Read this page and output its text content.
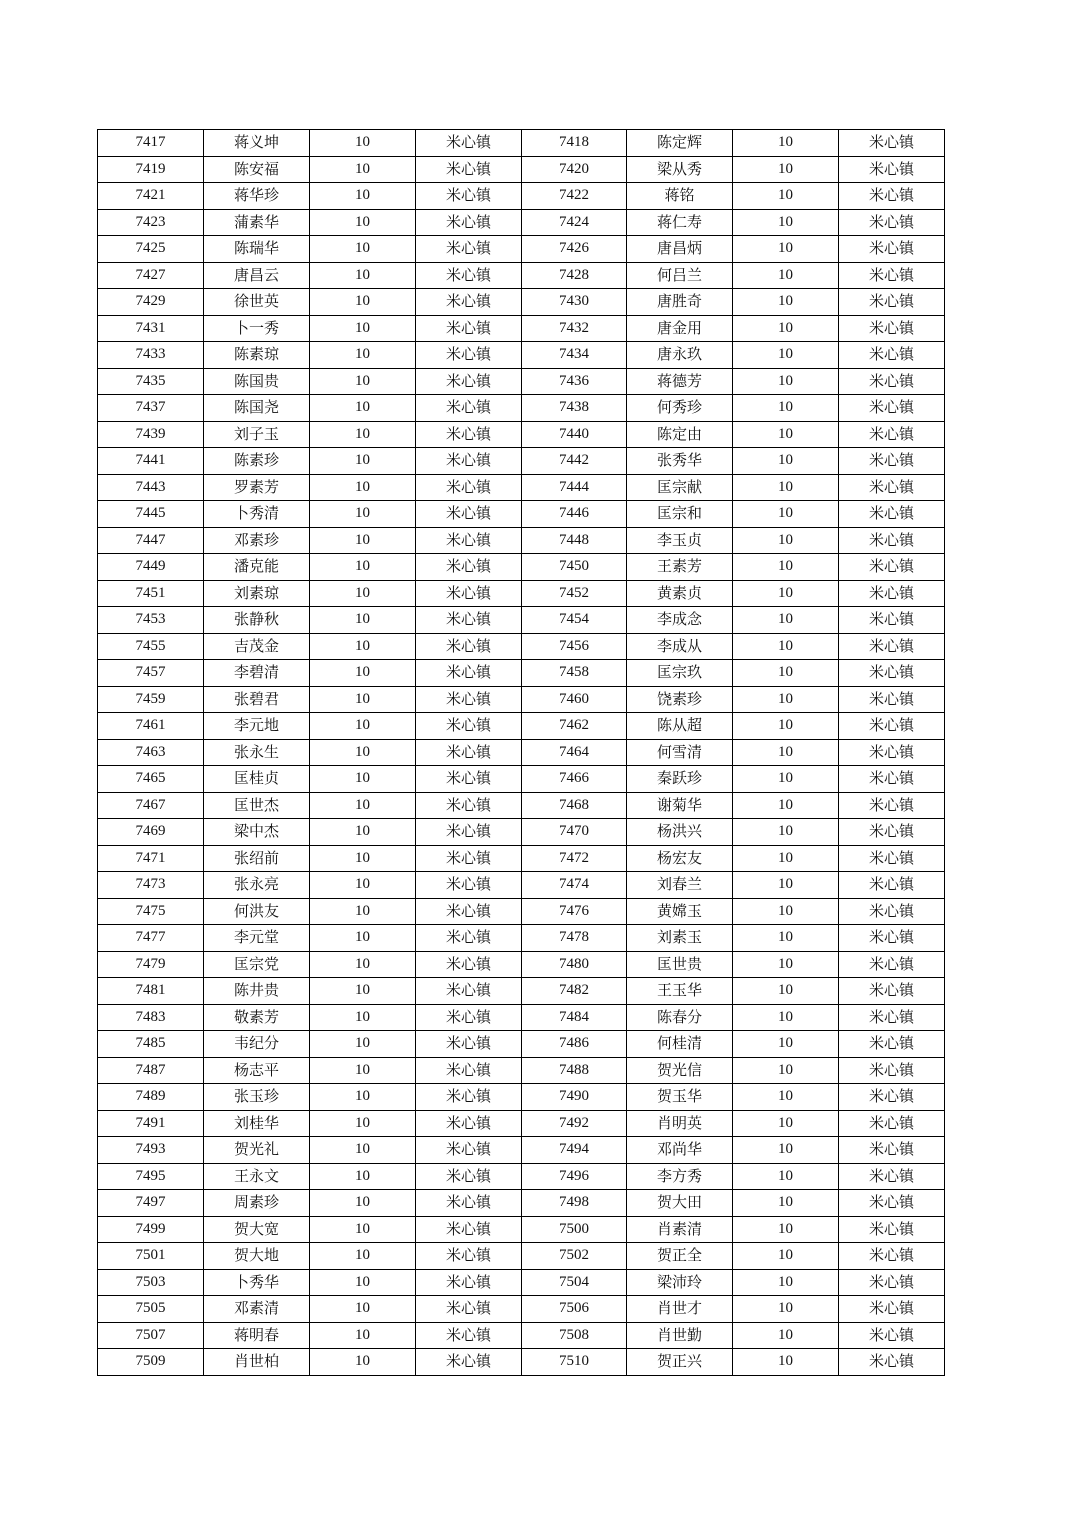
7417	蒋义坤	10	米心镇	7418	陈定辉	10	米心镇
7419	陈安福	10	米心镇	7420	梁从秀	10	米心镇
7421	蒋华珍	10	米心镇	7422	蒋铭	10	米心镇
7423	蒲素华	10	米心镇	7424	蒋仁寿	10	米心镇
7425	陈瑞华	10	米心镇	7426	唐昌炳	10	米心镇
7427	唐昌云	10	米心镇	7428	何吕兰	10	米心镇
7429	徐世英	10	米心镇	7430	唐胜奇	10	米心镇
7431	卜一秀	10	米心镇	7432	唐金用	10	米心镇
7433	陈素琼	10	米心镇	7434	唐永玖	10	米心镇
7435	陈国贵	10	米心镇	7436	蒋德芳	10	米心镇
7437	陈国尧	10	米心镇	7438	何秀珍	10	米心镇
7439	刘子玉	10	米心镇	7440	陈定由	10	米心镇
7441	陈素珍	10	米心镇	7442	张秀华	10	米心镇
7443	罗素芳	10	米心镇	7444	匡宗献	10	米心镇
7445	卜秀清	10	米心镇	7446	匡宗和	10	米心镇
7447	邓素珍	10	米心镇	7448	李玉贞	10	米心镇
7449	潘克能	10	米心镇	7450	王素芳	10	米心镇
7451	刘素琼	10	米心镇	7452	黄素贞	10	米心镇
7453	张静秋	10	米心镇	7454	李成念	10	米心镇
7455	吉茂金	10	米心镇	7456	李成从	10	米心镇
7457	李碧清	10	米心镇	7458	匡宗玖	10	米心镇
7459	张碧君	10	米心镇	7460	饶素珍	10	米心镇
7461	李元地	10	米心镇	7462	陈从超	10	米心镇
7463	张永生	10	米心镇	7464	何雪清	10	米心镇
7465	匡桂贞	10	米心镇	7466	秦跃珍	10	米心镇
7467	匡世杰	10	米心镇	7468	谢菊华	10	米心镇
7469	梁中杰	10	米心镇	7470	杨洪兴	10	米心镇
7471	张绍前	10	米心镇	7472	杨宏友	10	米心镇
7473	张永亮	10	米心镇	7474	刘春兰	10	米心镇
7475	何洪友	10	米心镇	7476	黄嫦玉	10	米心镇
7477	李元堂	10	米心镇	7478	刘素玉	10	米心镇
7479	匡宗党	10	米心镇	7480	匡世贵	10	米心镇
7481	陈井贵	10	米心镇	7482	王玉华	10	米心镇
7483	敬素芳	10	米心镇	7484	陈春分	10	米心镇
7485	韦纪分	10	米心镇	7486	何桂清	10	米心镇
7487	杨志平	10	米心镇	7488	贺光信	10	米心镇
7489	张玉珍	10	米心镇	7490	贺玉华	10	米心镇
7491	刘桂华	10	米心镇	7492	肖明英	10	米心镇
7493	贺光礼	10	米心镇	7494	邓尚华	10	米心镇
7495	王永文	10	米心镇	7496	李方秀	10	米心镇
7497	周素珍	10	米心镇	7498	贺大田	10	米心镇
7499	贺大宽	10	米心镇	7500	肖素清	10	米心镇
7501	贺大地	10	米心镇	7502	贺正全	10	米心镇
7503	卜秀华	10	米心镇	7504	梁沛玲	10	米心镇
7505	邓素清	10	米心镇	7506	肖世才	10	米心镇
7507	蒋明春	10	米心镇	7508	肖世勤	10	米心镇
7509	肖世柏	10	米心镇	7510	贺正兴	10	米心镇
